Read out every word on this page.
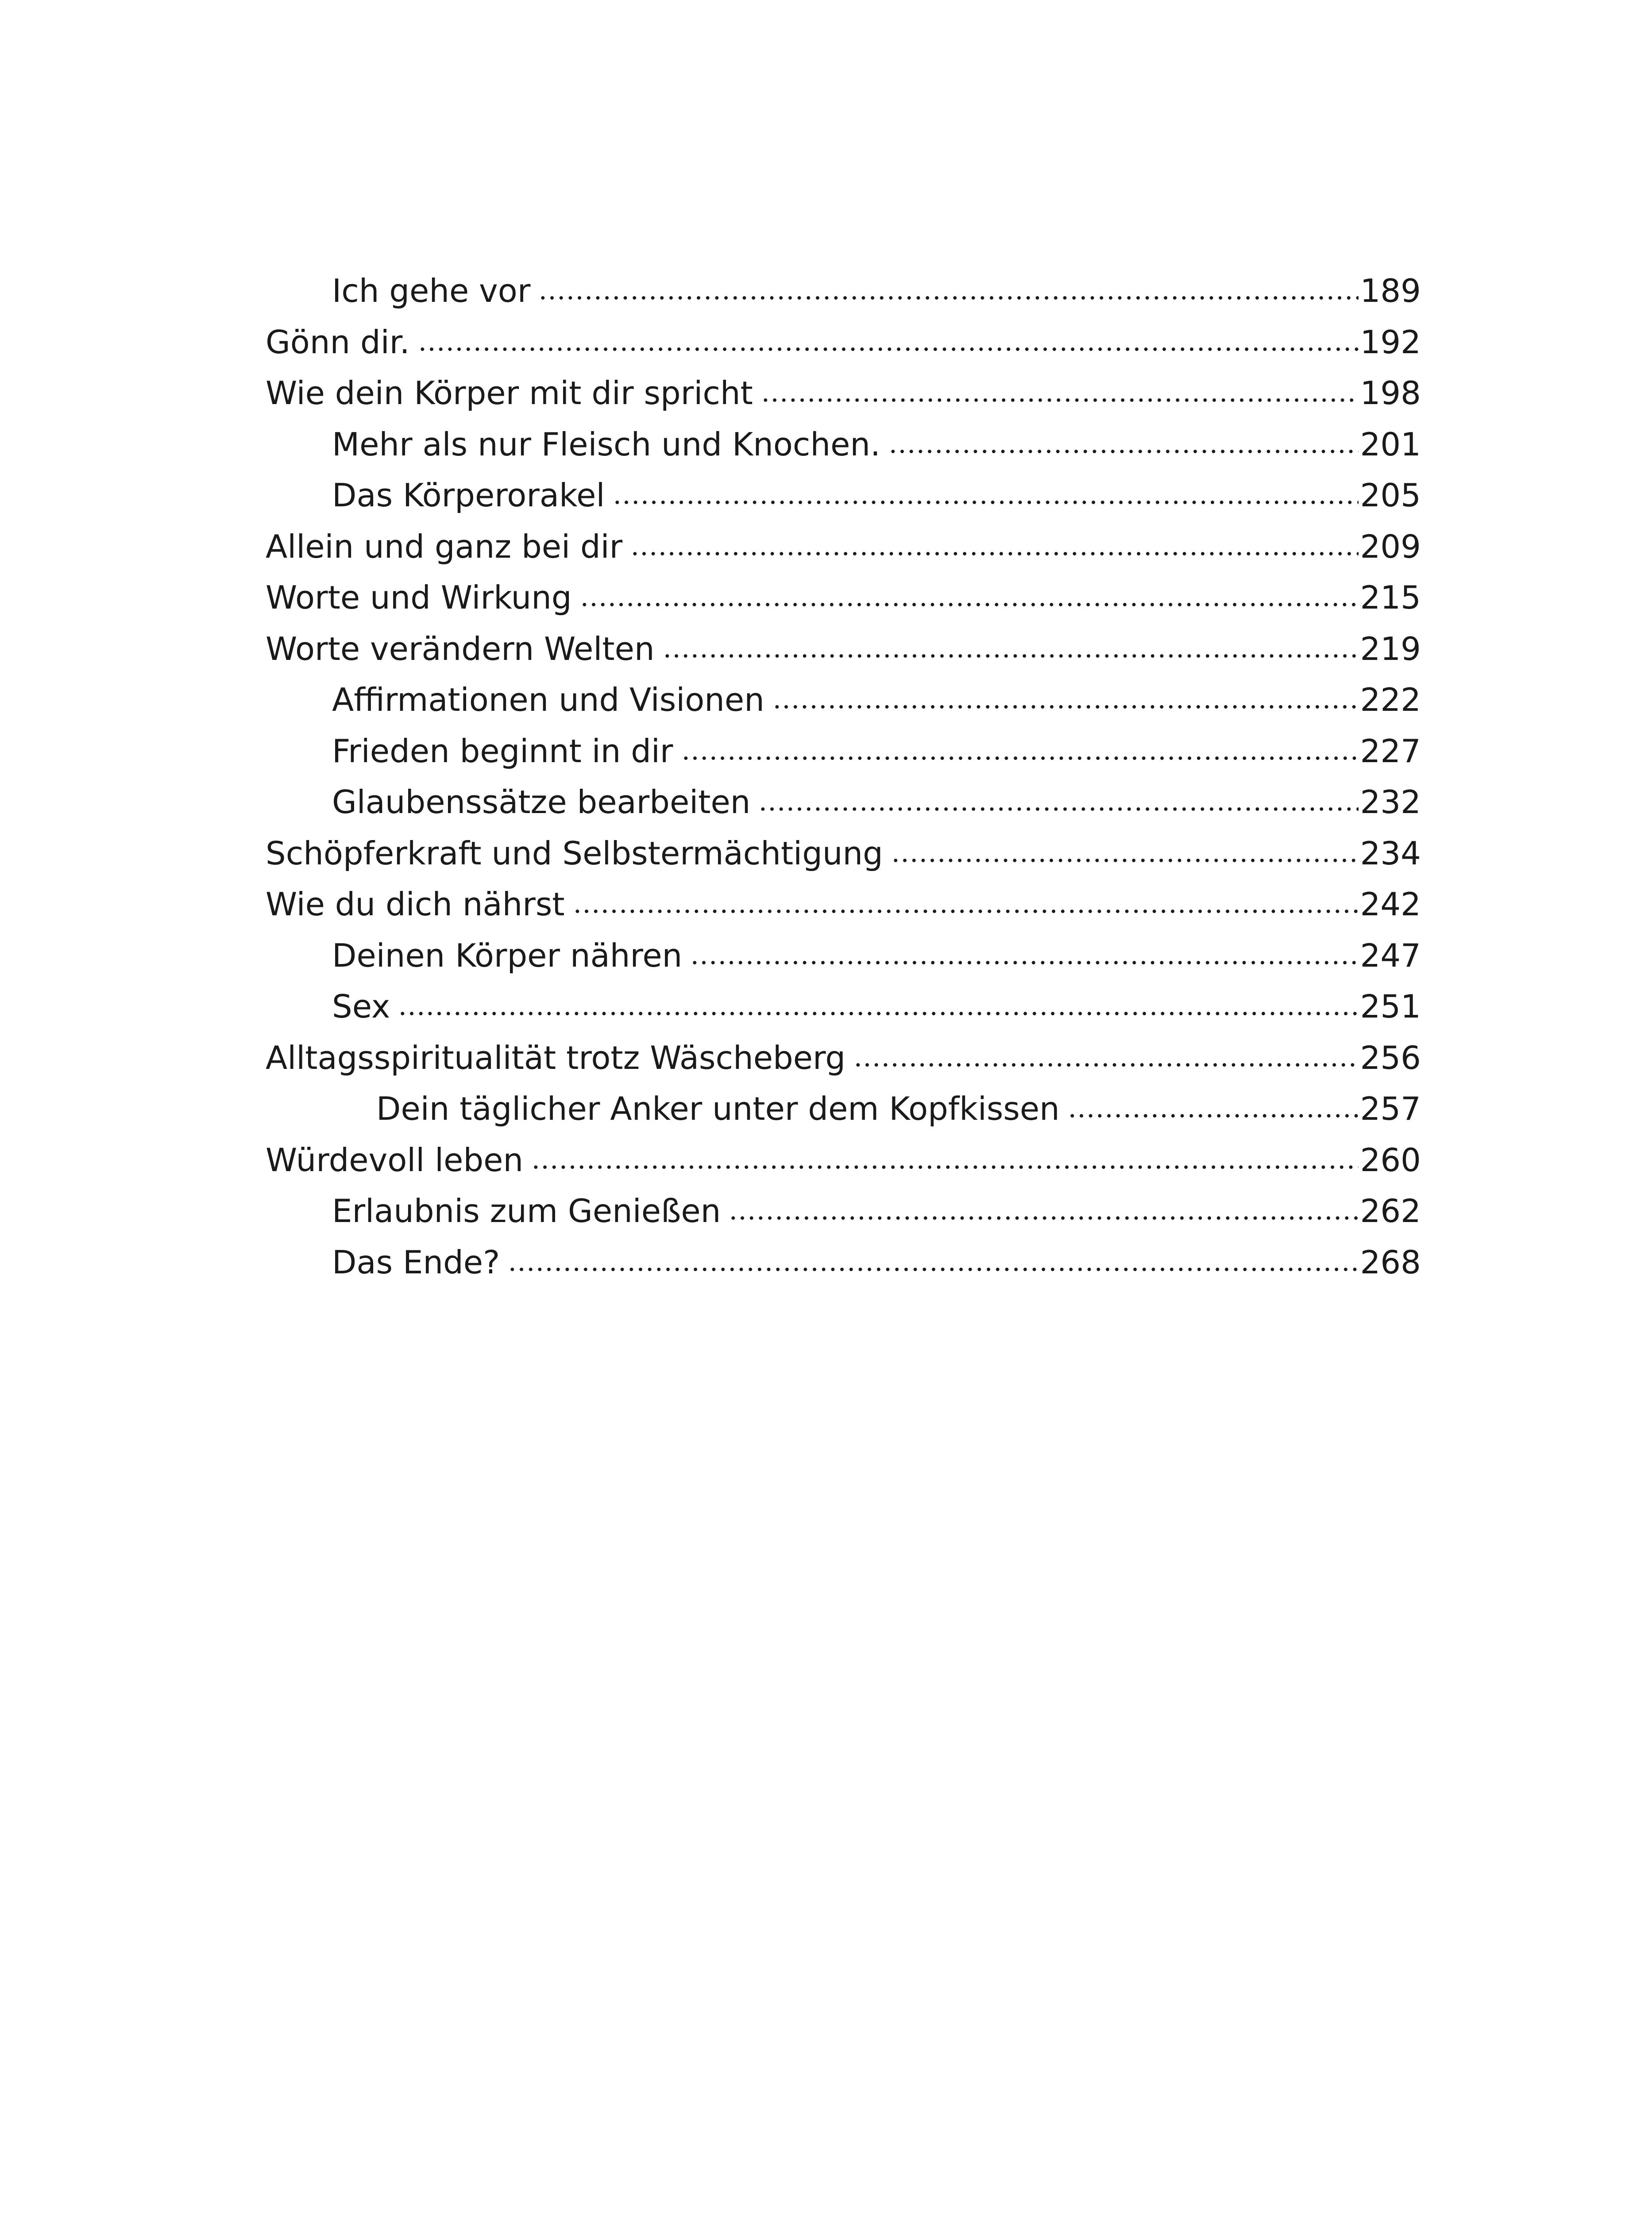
Ich gehe vor	189
Gönn dir.	192
Wie dein Körper mit dir spricht	198
Mehr als nur Fleisch und Knochen.	201
Das Körperorakel	205
Allein und ganz bei dir	209
Worte und Wirkung	215
Worte verändern Welten	219
Affirmationen und Visionen	222
Frieden beginnt in dir	227
Glaubenssätze bearbeiten	232
Schöpferkraft und Selbstermächtigung	234
Wie du dich nährst	242
Deinen Körper nähren	247
Sex	251
Alltagsspiritualität trotz Wäscheberg	256
Dein täglicher Anker unter dem Kopfkissen	257
Würdevoll leben	260
Erlaubnis zum Genießen	262
Das Ende?	268
